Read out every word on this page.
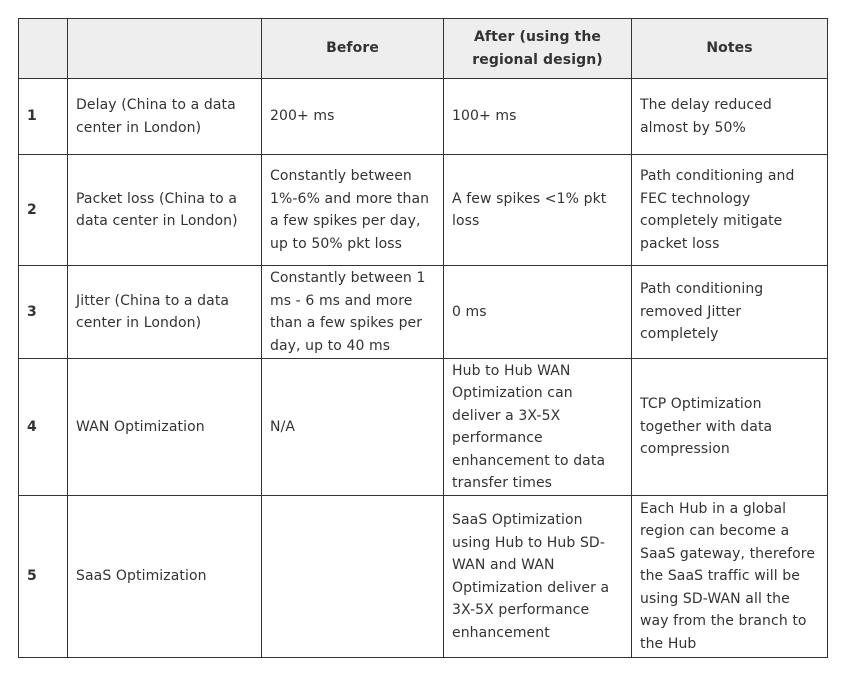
		Before	After (using the regional design)	Notes
1	Delay (China to a data center in London)	200+ ms	100+ ms	The delay reduced almost by 50%
2	Packet loss (China to a data center in London)	Constantly between 1%-6% and more than a few spikes per day, up to 50% pkt loss	A few spikes <1% pkt loss	Path conditioning and FEC technology completely mitigate packet loss
3	Jitter (China to a data center in London)	Constantly between 1 ms - 6 ms and more than a few spikes per day, up to 40 ms	0 ms	Path conditioning removed Jitter completely
4	WAN Optimization	N/A	Hub to Hub WAN Optimization can deliver a 3X-5X performance enhancement to data transfer times	TCP Optimization together with data compression
5	SaaS Optimization		SaaS Optimization using Hub to Hub SD-WAN and WAN Optimization deliver a 3X-5X performance enhancement	Each Hub in a global region can become a SaaS gateway, therefore the SaaS traffic will be using SD-WAN all the way from the branch to the Hub
